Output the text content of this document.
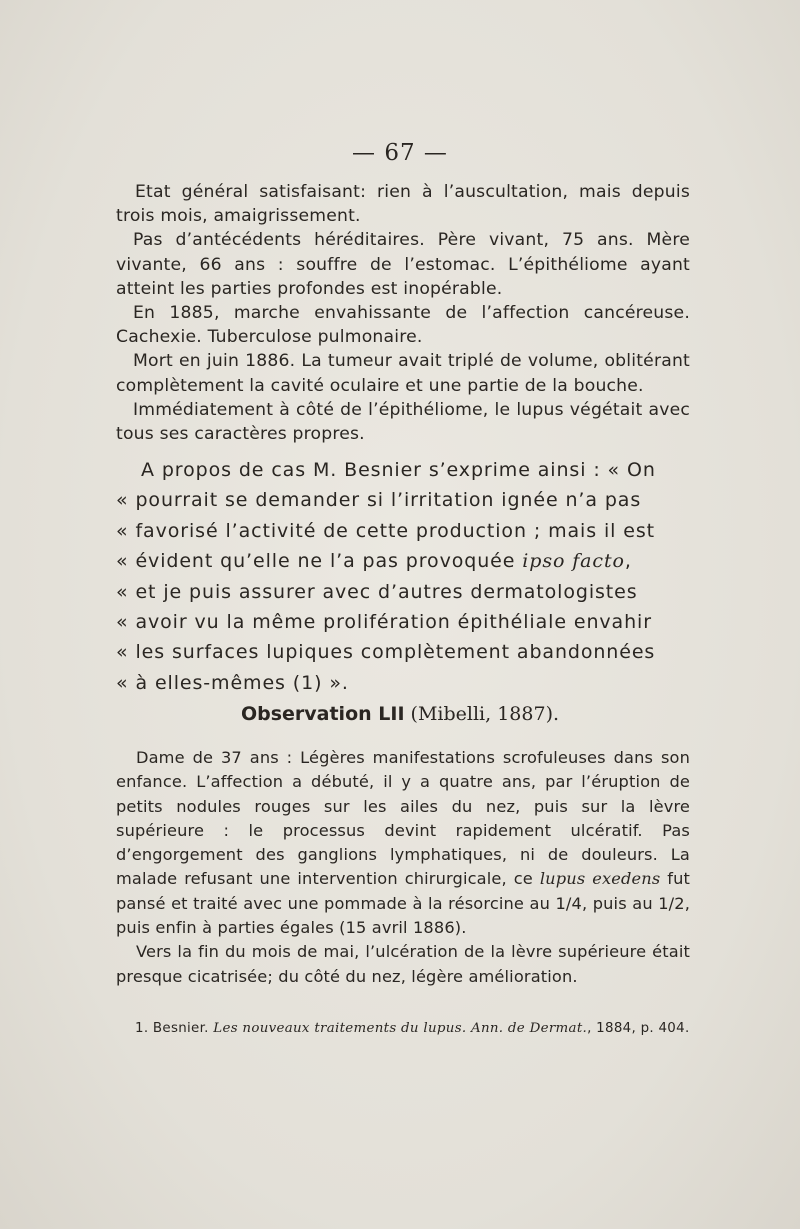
— 67 —

Etat général satisfaisant: rien à l’auscultation, mais depuis trois mois, amaigrissement.

Pas d’antécédents héréditaires. Père vivant, 75 ans. Mère vivante, 66 ans : souffre de l’estomac. L’épithéliome ayant atteint les parties profondes est inopérable.

En 1885, marche envahissante de l’affection cancéreuse. Cachexie. Tuberculose pulmonaire.

Mort en juin 1886. La tumeur avait triplé de volume, oblitérant complètement la cavité oculaire et une partie de la bouche.

Immédiatement à côté de l’épithéliome, le lupus végétait avec tous ses caractères propres.

A propos de cas M. Besnier s’exprime ainsi : « On
« pourrait se demander si l’irritation ignée n’a pas
« favorisé l’activité de cette production ; mais il est
« évident qu’elle ne l’a pas provoquée ipso facto,
« et je puis assurer avec d’autres dermatologistes
« avoir vu la même prolifération épithéliale envahir
« les surfaces lupiques complètement abandonnées
« à elles-mêmes (1) ».
Observation LII (Mibelli, 1887).

Dame de 37 ans : Légères manifestations scrofuleuses dans son enfance. L’affection a débuté, il y a quatre ans, par l’éruption de petits nodules rouges sur les ailes du nez, puis sur la lèvre supérieure : le processus devint rapidement ulcératif. Pas d’engorgement des ganglions lymphatiques, ni de douleurs. La malade refusant une intervention chirurgicale, ce lupus exedens fut pansé et traité avec une pommade à la résorcine au 1/4, puis au 1/2, puis enfin à parties égales (15 avril 1886).

Vers la fin du mois de mai, l’ulcération de la lèvre supérieure était presque cicatrisée; du côté du nez, légère amélioration.

1. Besnier. Les nouveaux traitements du lupus. Ann. de Dermat., 1884, p. 404.
